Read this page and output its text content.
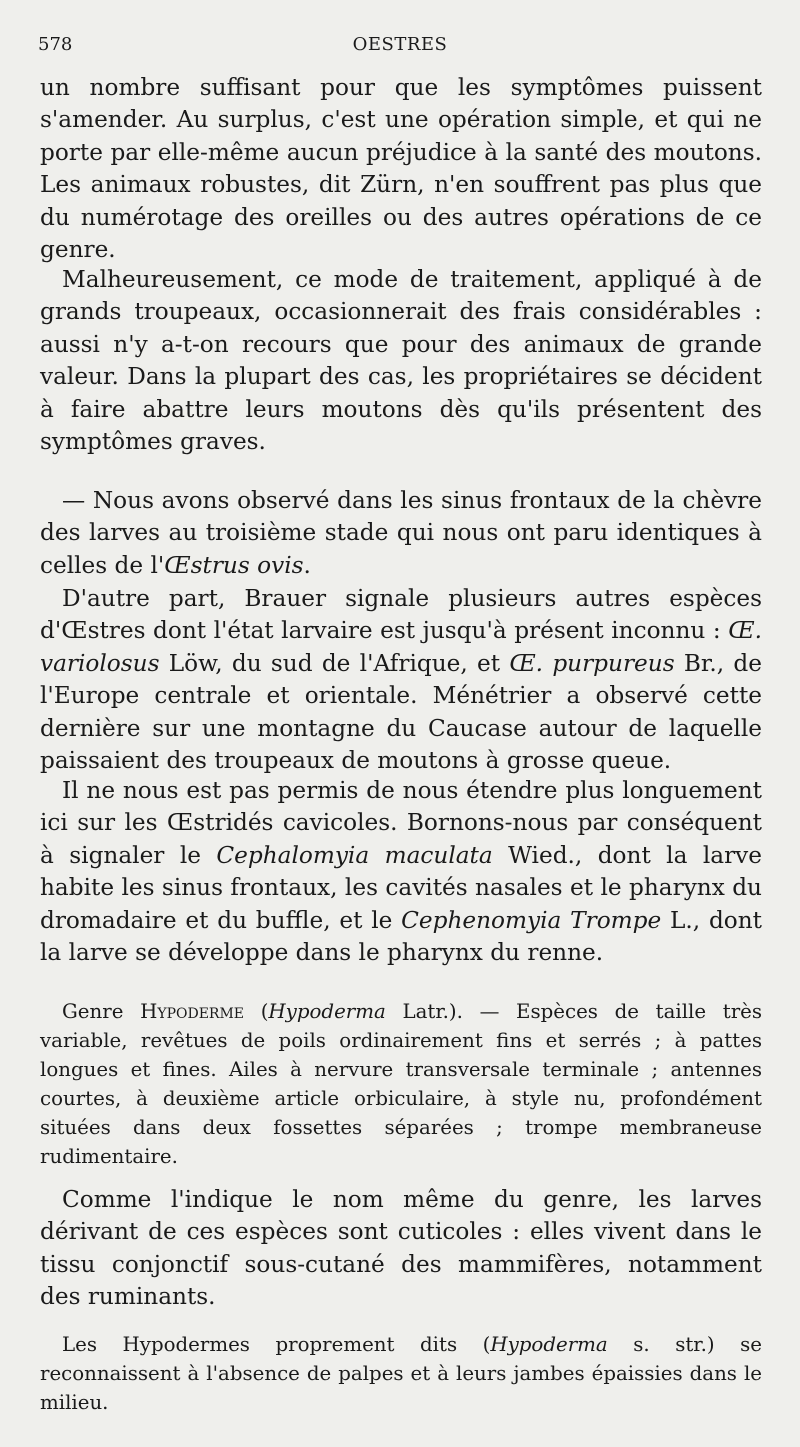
578	OESTRES

un nombre suffisant pour que les symptômes puissent s'amender. Au surplus, c'est une opération simple, et qui ne porte par elle-même aucun préjudice à la santé des moutons. Les animaux robustes, dit Zürn, n'en souffrent pas plus que du numérotage des oreilles ou des autres opérations de ce genre.

Malheureusement, ce mode de traitement, appliqué à de grands troupeaux, occasionnerait des frais considérables : aussi n'y a-t-on recours que pour des animaux de grande valeur. Dans la plupart des cas, les propriétaires se décident à faire abattre leurs moutons dès qu'ils présentent des symptômes graves.

— Nous avons observé dans les sinus frontaux de la chèvre des larves au troisième stade qui nous ont paru identiques à celles de l'Œstrus ovis.

D'autre part, Brauer signale plusieurs autres espèces d'Œstres dont l'état larvaire est jusqu'à présent inconnu : Œ. variolosus Löw, du sud de l'Afrique, et Œ. purpureus Br., de l'Europe centrale et orientale. Ménétrier a observé cette dernière sur une montagne du Caucase autour de laquelle paissaient des troupeaux de moutons à grosse queue.

Il ne nous est pas permis de nous étendre plus longuement ici sur les Œstridés cavicoles. Bornons-nous par conséquent à signaler le Cephalomyia maculata Wied., dont la larve habite les sinus frontaux, les cavités nasales et le pharynx du dromadaire et du buffle, et le Cephenomyia Trompe L., dont la larve se développe dans le pharynx du renne.

Genre Hypoderme (Hypoderma Latr.). — Espèces de taille très variable, revêtues de poils ordinairement fins et serrés ; à pattes longues et fines. Ailes à nervure transversale terminale ; antennes courtes, à deuxième article orbiculaire, à style nu, profondément situées dans deux fossettes séparées ; trompe membraneuse rudimentaire.

Comme l'indique le nom même du genre, les larves dérivant de ces espèces sont cuticoles : elles vivent dans le tissu conjonctif sous-cutané des mammifères, notamment des ruminants.

Les Hypodermes proprement dits (Hypoderma s. str.) se reconnaissent à l'absence de palpes et à leurs jambes épaissies dans le milieu.
